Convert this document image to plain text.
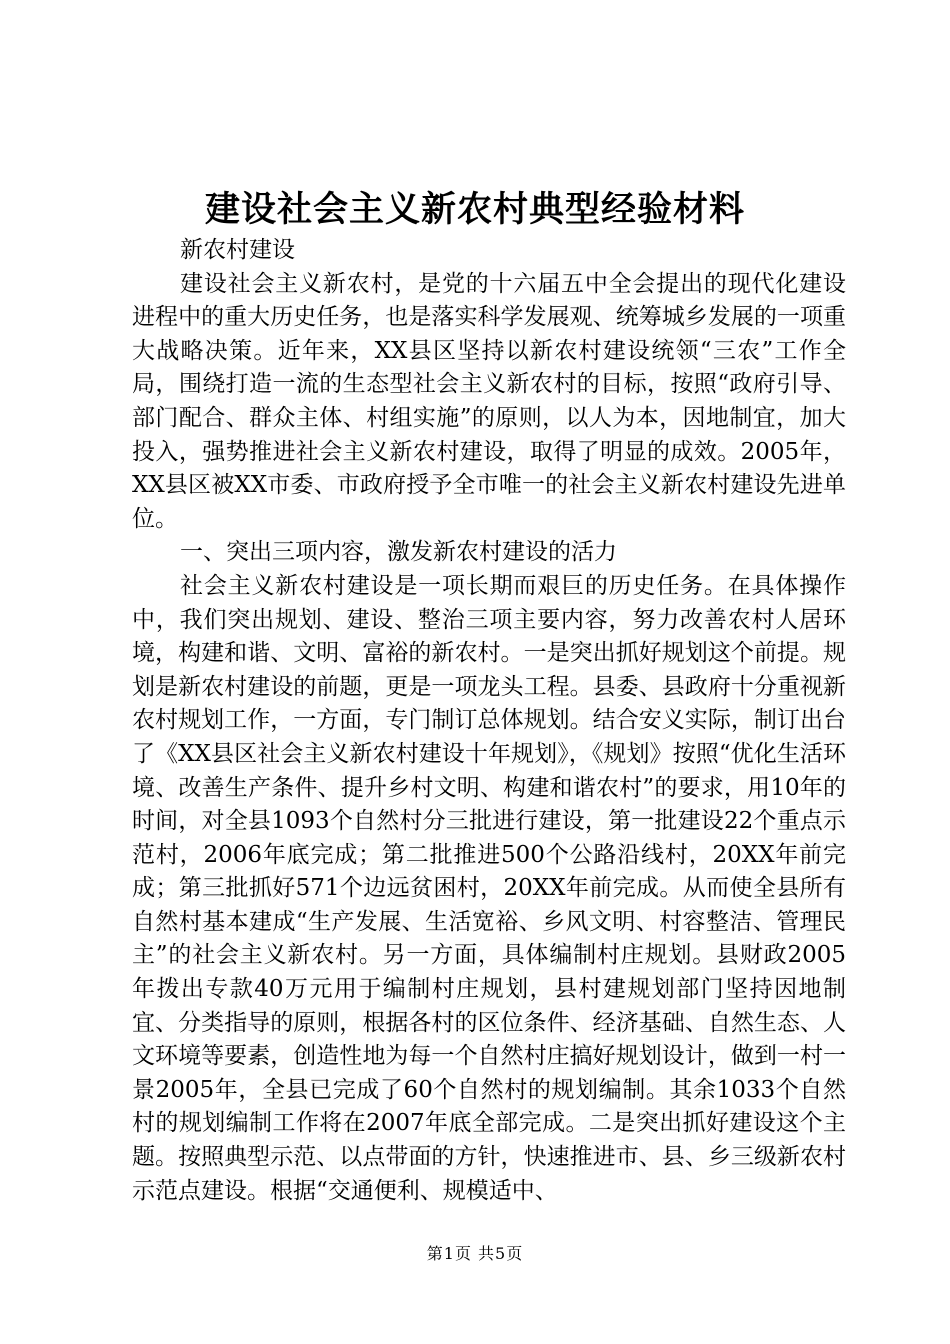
建设社会主义新农村典型经验材料

新农村建设

建设社会主义新农村，是党的十六届五中全会提出的现代化建设进程中的重大历史任务，也是落实科学发展观、统筹城乡发展的一项重大战略决策。近年来，XX县区坚持以新农村建设统领“三农”工作全局，围绕打造一流的生态型社会主义新农村的目标，按照“政府引导、部门配合、群众主体、村组实施”的原则，以人为本，因地制宜，加大投入，强势推进社会主义新农村建设，取得了明显的成效。2005年，XX县区被XX市委、市政府授予全市唯一的社会主义新农村建设先进单位。

一、突出三项内容，激发新农村建设的活力

社会主义新农村建设是一项长期而艰巨的历史任务。在具体操作中，我们突出规划、建设、整治三项主要内容，努力改善农村人居环境，构建和谐、文明、富裕的新农村。一是突出抓好规划这个前提。规划是新农村建设的前题，更是一项龙头工程。县委、县政府十分重视新农村规划工作，一方面，专门制订总体规划。结合安义实际，制订出台了《XX县区社会主义新农村建设十年规划》，《规划》按照“优化生活环境、改善生产条件、提升乡村文明、构建和谐农村”的要求，用10年的时间，对全县1093个自然村分三批进行建设，第一批建设22个重点示范村，2006年底完成；第二批推进500个公路沿线村，20XX年前完成；第三批抓好571个边远贫困村，20XX年前完成。从而使全县所有自然村基本建成“生产发展、生活宽裕、乡风文明、村容整洁、管理民主”的社会主义新农村。另一方面，具体编制村庄规划。县财政2005年拨出专款40万元用于编制村庄规划，县村建规划部门坚持因地制宜、分类指导的原则，根据各村的区位条件、经济基础、自然生态、人文环境等要素，创造性地为每一个自然村庄搞好规划设计，做到一村一景2005年，全县已完成了60个自然村的规划编制。其余1033个自然村的规划编制工作将在2007年底全部完成。二是突出抓好建设这个主题。按照典型示范、以点带面的方针，快速推进市、县、乡三级新农村示范点建设。根据“交通便利、规模适中、

第1页 共5页
